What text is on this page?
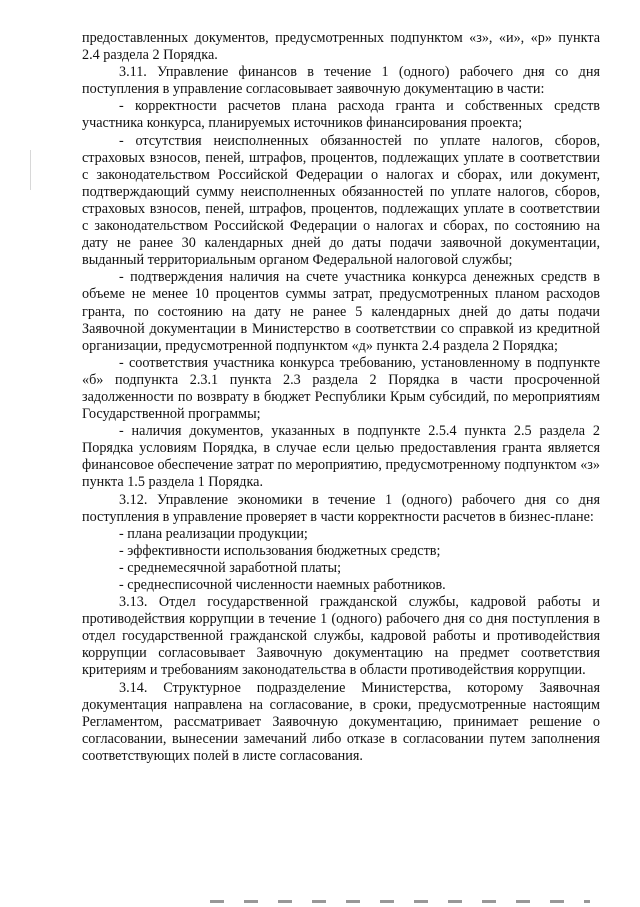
предоставленных документов, предусмотренных подпунктом «з», «и», «р» пункта 2.4 раздела 2 Порядка.

3.11. Управление финансов в течение 1 (одного) рабочего дня со дня поступления в управление согласовывает заявочную документацию в части:

- корректности расчетов плана расхода гранта и собственных средств участника конкурса, планируемых источников финансирования проекта;

- отсутствия неисполненных обязанностей по уплате налогов, сборов, страховых взносов, пеней, штрафов, процентов, подлежащих уплате в соответствии с законодательством Российской Федерации о налогах и сборах, или документ, подтверждающий сумму неисполненных обязанностей по уплате налогов, сборов, страховых взносов, пеней, штрафов, процентов, подлежащих уплате в соответствии с законодательством Российской Федерации о налогах и сборах, по состоянию на дату не ранее 30 календарных дней до даты подачи заявочной документации, выданный территориальным органом Федеральной налоговой службы;

- подтверждения наличия на счете участника конкурса денежных средств в объеме не менее 10 процентов суммы затрат, предусмотренных планом расходов гранта, по состоянию на дату не ранее 5 календарных дней до даты подачи Заявочной документации в Министерство в соответствии со справкой из кредитной организации, предусмотренной подпунктом «д» пункта 2.4 раздела 2 Порядка;

- соответствия участника конкурса требованию, установленному в подпункте «б» подпункта 2.3.1 пункта 2.3 раздела 2 Порядка в части просроченной задолженности по возврату в бюджет Республики Крым субсидий, по мероприятиям Государственной программы;

- наличия документов, указанных в подпункте 2.5.4 пункта 2.5 раздела 2 Порядка условиям Порядка, в случае если целью предоставления гранта является финансовое обеспечение затрат по мероприятию, предусмотренному подпунктом «з» пункта 1.5 раздела 1 Порядка.

3.12. Управление экономики в течение 1 (одного) рабочего дня со дня поступления в управление проверяет в части корректности расчетов в бизнес-плане:

- плана реализации продукции;

- эффективности использования бюджетных средств;

- среднемесячной заработной платы;

- среднесписочной численности наемных работников.

3.13. Отдел государственной гражданской службы, кадровой работы и противодействия коррупции в течение 1 (одного) рабочего дня со дня поступления в отдел государственной гражданской службы, кадровой работы и противодействия коррупции согласовывает Заявочную документацию на предмет соответствия критериям и требованиям законодательства в области противодействия коррупции.

3.14. Структурное подразделение Министерства, которому Заявочная документация направлена на согласование, в сроки, предусмотренные настоящим Регламентом, рассматривает Заявочную документацию, принимает решение о согласовании, вынесении замечаний либо отказе в согласовании путем заполнения соответствующих полей в листе согласования.
